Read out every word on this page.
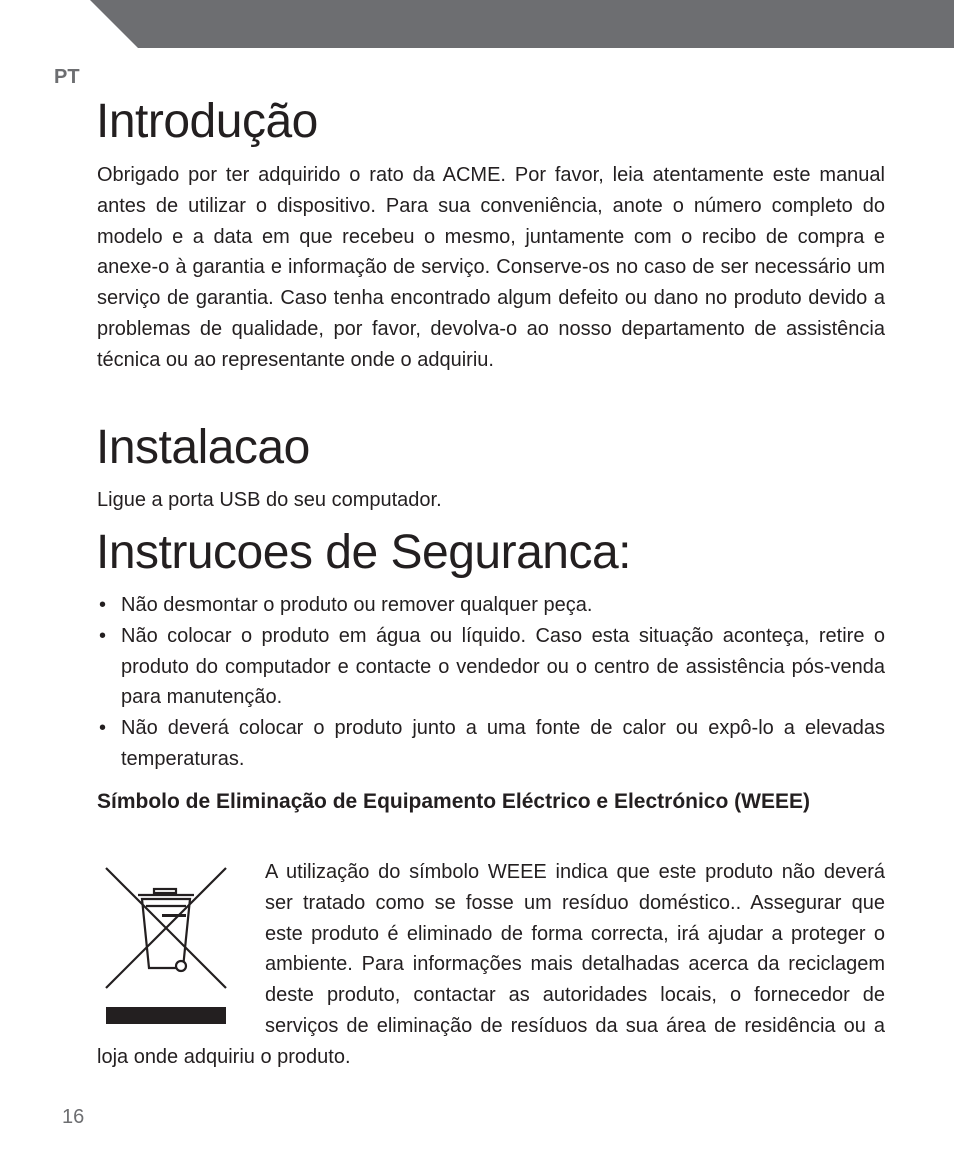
PT
Introdução

Obrigado por ter adquirido o rato da ACME. Por favor, leia atentamente este manual antes de utilizar o dispositivo. Para sua conveniência, anote o número completo do modelo e a data em que recebeu o mesmo, juntamente com o recibo de compra e anexe-o à garantia e informação de serviço. Conserve-os no caso de ser necessário um serviço de garantia. Caso tenha encontrado algum defeito ou dano no produto devido a problemas de qualidade, por favor, devolva-o ao nosso departamento de assistência técnica ou ao representante onde o adquiriu.

Instalacao

Ligue a porta USB do seu computador.

Instrucoes de Seguranca:
• Não desmontar o produto ou remover qualquer peça.
• Não colocar o produto em água ou líquido. Caso esta situação aconteça, retire o produto do computador e contacte o vendedor ou o centro de assistência pós-venda para manutenção.
• Não deverá colocar o produto junto a uma fonte de calor ou expô-lo a elevadas temperaturas.
Símbolo de Eliminação de Equipamento Eléctrico e Electrónico (WEEE)

A utilização do símbolo WEEE indica que este produto não deverá ser tratado como se fosse um resíduo doméstico.. Assegurar que este produto é eliminado de forma correcta, irá ajudar a proteger o ambiente. Para informações mais detalhadas acerca da reciclagem deste produto, contactar as autoridades locais, o fornecedor de serviços de eliminação de resíduos da sua área de residência ou a loja onde adquiriu o produto.

16
